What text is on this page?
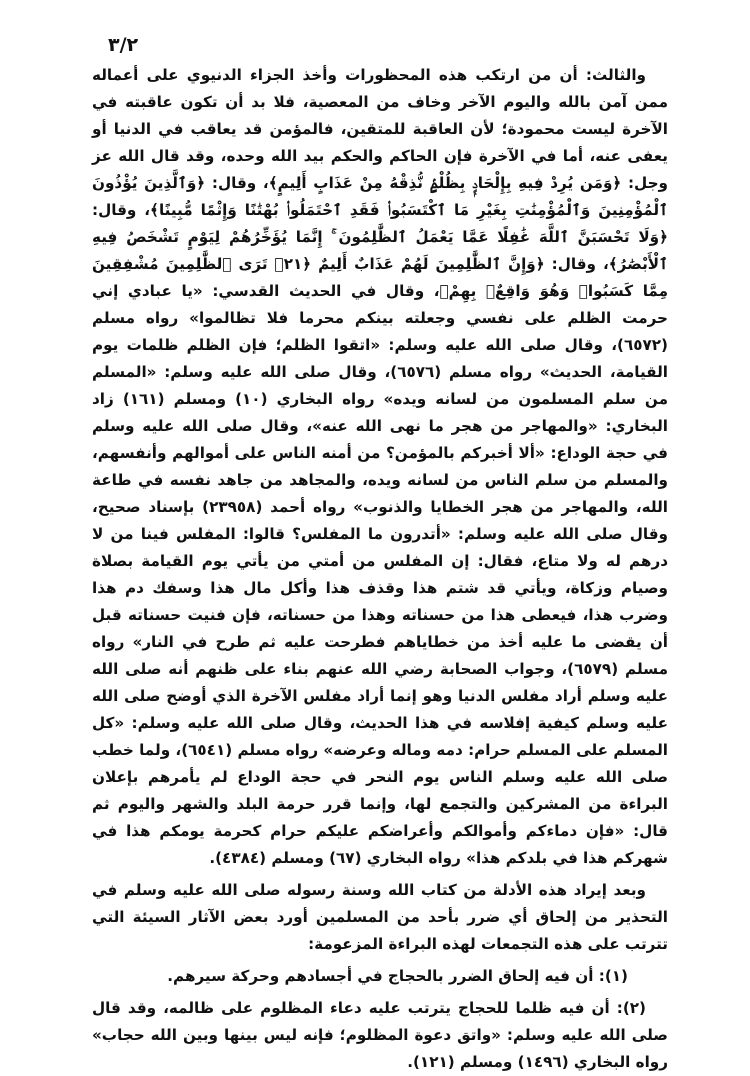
٣/٢

والثالث: أن من ارتكب هذه المحظورات وأخذ الجزاء الدنيوي على أعماله ممن آمن بالله واليوم الآخر وخاف من المعصية، فلا بد أن تكون عاقبته في الآخرة ليست محمودة؛ لأن العاقبة للمتقين، فالمؤمن قد يعاقب في الدنيا أو يعفى عنه، أما في الآخرة فإن الحاكم والحكم بيد الله وحده، وقد قال الله عز وجل: ﴿وَمَن يُرِدْ فِيهِ بِإِلْحَادٍۭ بِظُلْمٍۢ نُّذِقْهُ مِنْ عَذَابٍ أَلِيمٍ﴾، وقال: ﴿وَٱلَّذِينَ يُؤْذُونَ ٱلْمُؤْمِنِينَ وَٱلْمُؤْمِنَٰتِ بِغَيْرِ مَا ٱكْتَسَبُوا۟ فَقَدِ ٱحْتَمَلُوا۟ بُهْتَٰنًا وَإِثْمًا مُّبِينًا﴾، وقال: ﴿وَلَا تَحْسَبَنَّ ٱللَّهَ غَٰفِلًا عَمَّا يَعْمَلُ ٱلظَّٰلِمُونَ ۚ إِنَّمَا يُؤَخِّرُهُمْ لِيَوْمٍ تَشْخَصُ فِيهِ ٱلْأَبْصَٰرُ﴾، وقال: ﴿وَإِنَّ ٱلظَّٰلِمِينَ لَهُمْ عَذَابٌ أَلِيمٌ ﴿٢١﴾ تَرَى ٱلظَّٰلِمِينَ مُشْفِقِينَ مِمَّا كَسَبُوا۟ وَهُوَ وَاقِعٌۢ بِهِمْ﴾، وقال في الحديث القدسي: «يا عبادي إني حرمت الظلم على نفسي وجعلته بينكم محرما فلا تظالموا» رواه مسلم (٦٥٧٢)، وقال صلى الله عليه وسلم: «اتقوا الظلم؛ فإن الظلم ظلمات يوم القيامة، الحديث» رواه مسلم (٦٥٧٦)، وقال صلى الله عليه وسلم: «المسلم من سلم المسلمون من لسانه ويده» رواه البخاري (١٠) ومسلم (١٦١) زاد البخاري: «والمهاجر من هجر ما نهى الله عنه»، وقال صلى الله عليه وسلم في حجة الوداع: «ألا أخبركم بالمؤمن؟ من أمنه الناس على أموالهم وأنفسهم، والمسلم من سلم الناس من لسانه ويده، والمجاهد من جاهد نفسه في طاعة الله، والمهاجر من هجر الخطايا والذنوب» رواه أحمد (٢٣٩٥٨) بإسناد صحيح، وقال صلى الله عليه وسلم: «أتدرون ما المفلس؟ قالوا: المفلس فينا من لا درهم له ولا متاع، فقال: إن المفلس من أمتي من يأتي يوم القيامة بصلاة وصيام وزكاة، ويأتي قد شتم هذا وقذف هذا وأكل مال هذا وسفك دم هذا وضرب هذا، فيعطى هذا من حسناته وهذا من حسناته، فإن فنيت حسناته قبل أن يقضى ما عليه أخذ من خطاياهم فطرحت عليه ثم طرح في النار» رواه مسلم (٦٥٧٩)، وجواب الصحابة رضي الله عنهم بناء على ظنهم أنه صلى الله عليه وسلم أراد مفلس الدنيا وهو إنما أراد مفلس الآخرة الذي أوضح صلى الله عليه وسلم كيفية إفلاسه في هذا الحديث، وقال صلى الله عليه وسلم: «كل المسلم على المسلم حرام: دمه وماله وعرضه» رواه مسلم (٦٥٤١)، ولما خطب صلى الله عليه وسلم الناس يوم النحر في حجة الوداع لم يأمرهم بإعلان البراءة من المشركين والتجمع لها، وإنما قرر حرمة البلد والشهر واليوم ثم قال: «فإن دماءكم وأموالكم وأعراضكم عليكم حرام كحرمة يومكم هذا في شهركم هذا في بلدكم هذا» رواه البخاري (٦٧) ومسلم (٤٣٨٤).

وبعد إيراد هذه الأدلة من كتاب الله وسنة رسوله صلى الله عليه وسلم في التحذير من إلحاق أي ضرر بأحد من المسلمين أورد بعض الآثار السيئة التي تترتب على هذه التجمعات لهذه البراءة المزعومة:

(١): أن فيه إلحاق الضرر بالحجاج في أجسادهم وحركة سيرهم.

(٢): أن فيه ظلما للحجاج يترتب عليه دعاء المظلوم على ظالمه، وقد قال صلى الله عليه وسلم: «واتق دعوة المظلوم؛ فإنه ليس بينها وبين الله حجاب» رواه البخاري (١٤٩٦) ومسلم (١٢١).
